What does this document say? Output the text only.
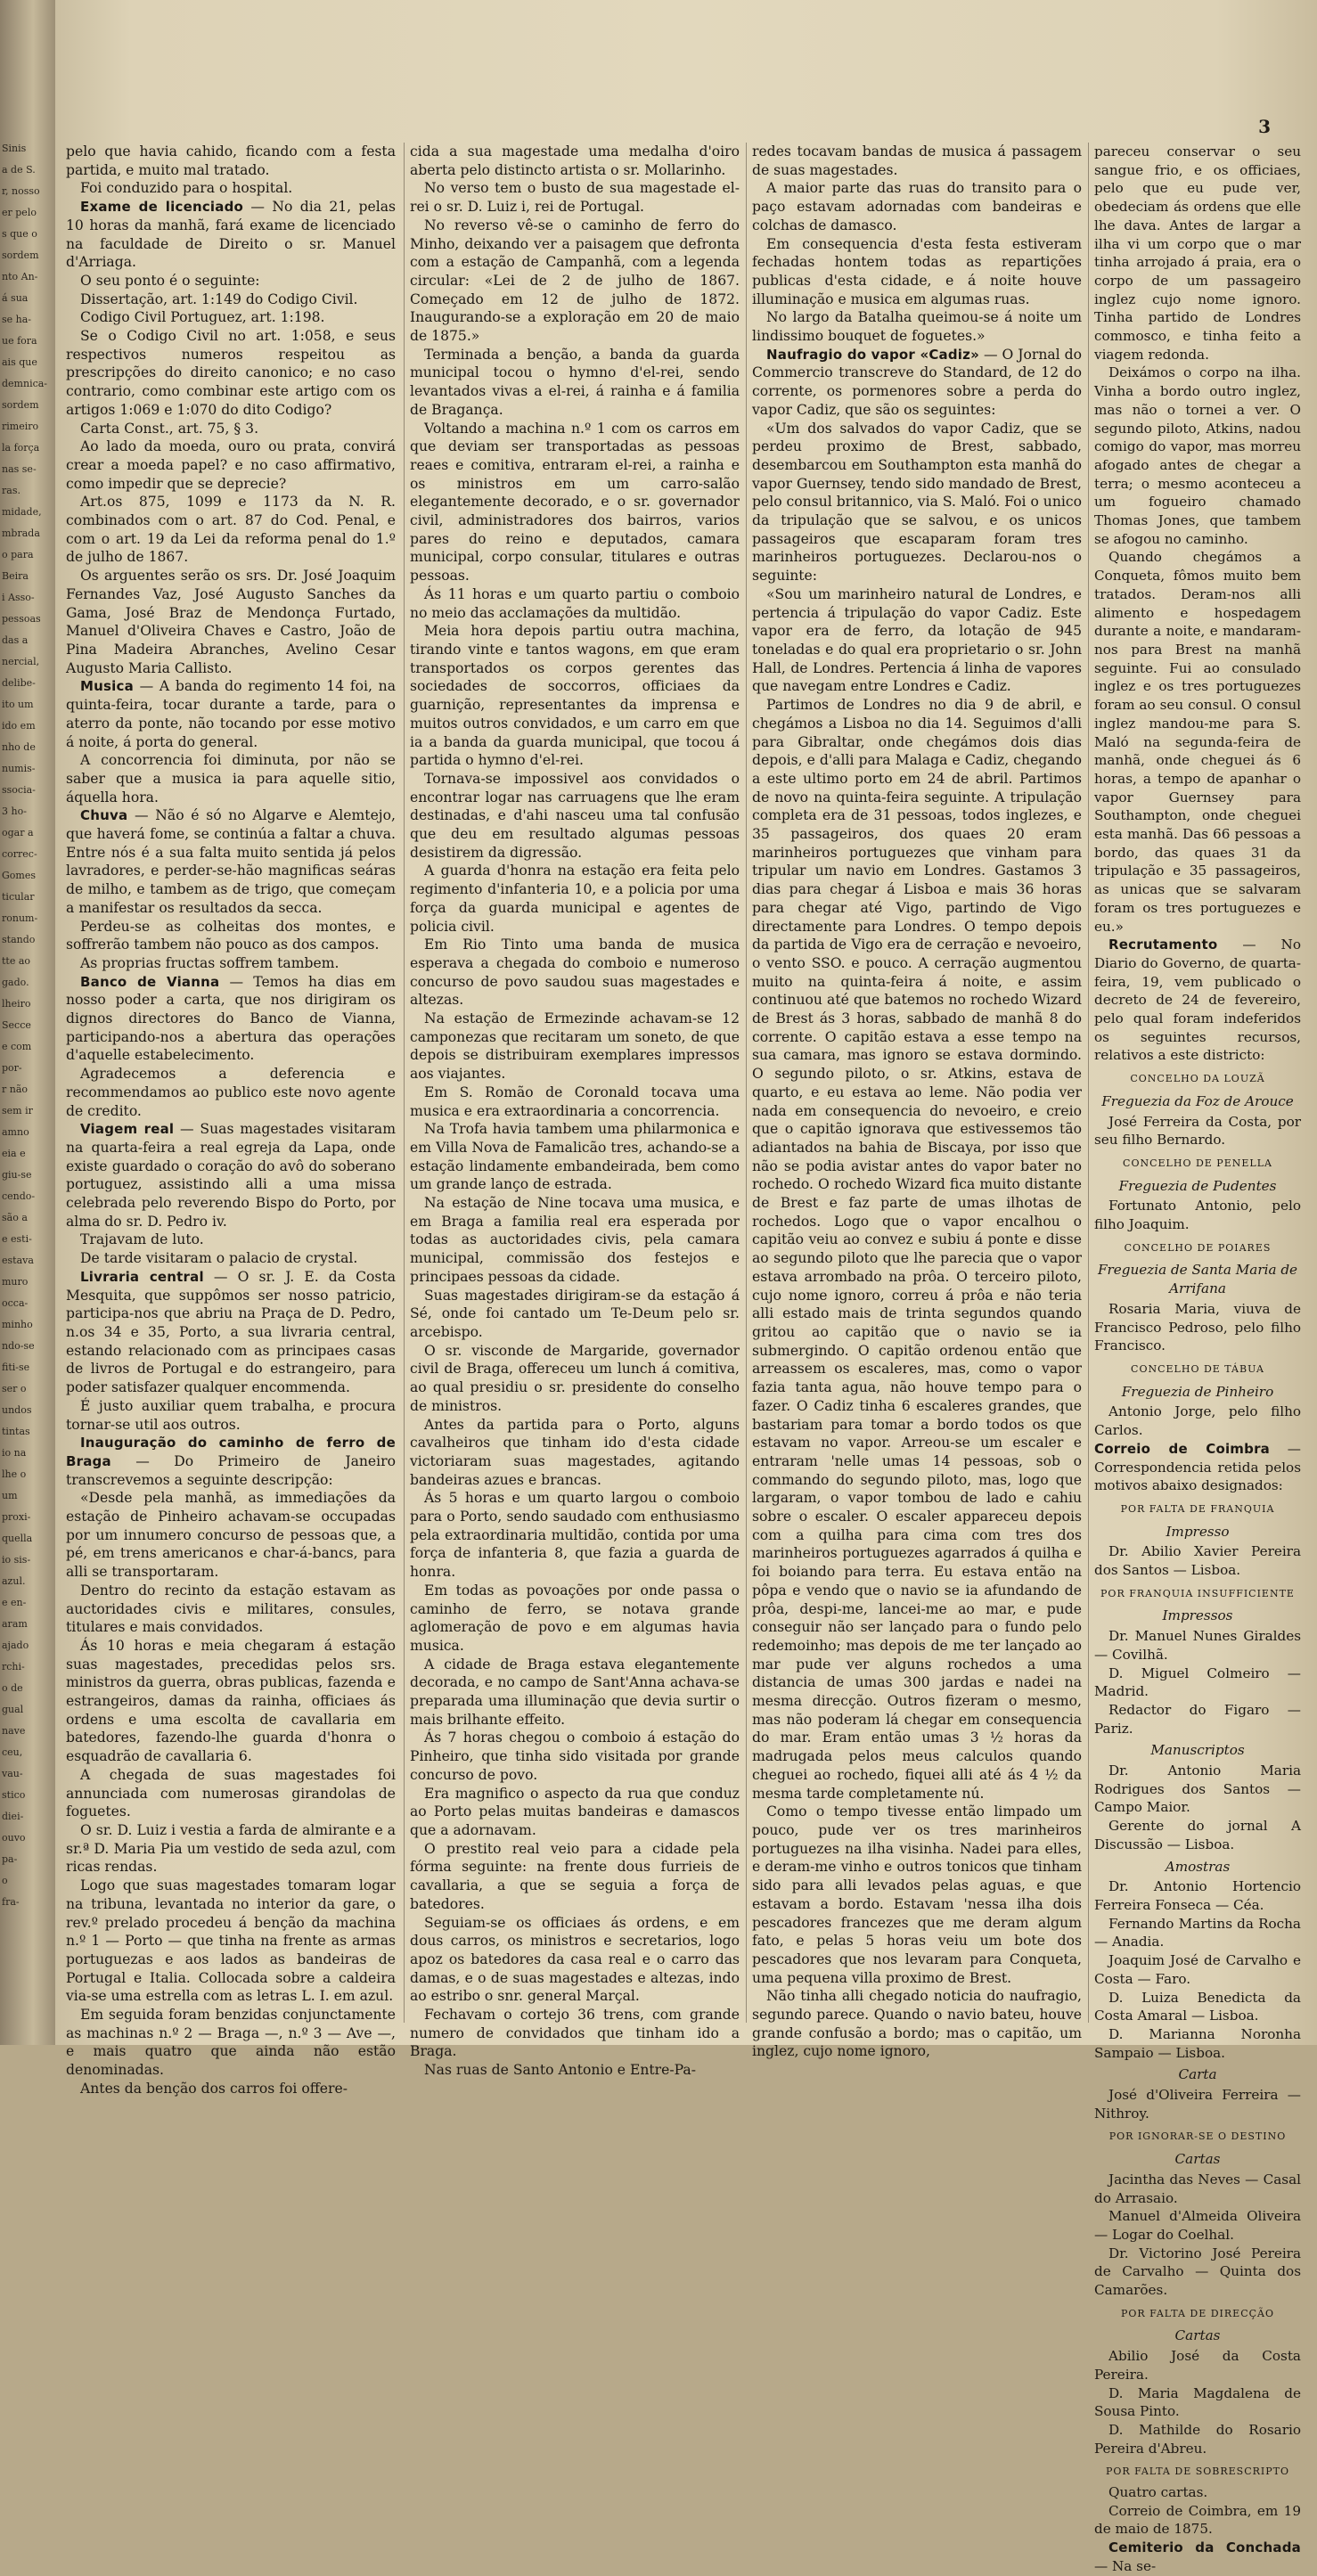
Sinis
a de S.
r, nosso
er pelo
s que o
sordem
nto An-
á sua
se ha-
ue fora
ais que
demnica-
sordem
rimeiro
la força
nas se-
ras.
midade,
mbrada
o para
Beira
i Asso-
pessoas
das a
nercial,
delibe-
ito um
ido em
nho de
numis-
ssocia-
3 ho-
ogar a
correc-
Gomes
ticular
ronum-
stando
tte ao
gado.
lheiro
Secce
e com
por-
r não
sem ir
amno
eia e
giu-se
cendo-
são a
e esti-
estava
muro
occa-
minho
ndo-se
fiti-se
ser o
undos
tintas
io na
lhe o
um
proxi-
quella
io sis-
azul.
e en-
aram
ajado
rchi-
o de
gual
nave
ceu,
vau-
stico
diei-
ouvo
pa-
o
fra-
3

pelo que havia cahido, ficando com a festa partida, e muito mal tratado.

Foi conduzido para o hospital.

Exame de licenciado — No dia 21, pelas 10 horas da manhã, fará exame de licenciado na faculdade de Direito o sr. Manuel d'Arriaga.

O seu ponto é o seguinte:

Dissertação, art. 1:149 do Codigo Civil.

Codigo Civil Portuguez, art. 1:198.

Se o Codigo Civil no art. 1:058, e seus respectivos numeros respeitou as prescripções do direito canonico; e no caso contrario, como combinar este artigo com os artigos 1:069 e 1:070 do dito Codigo?

Carta Const., art. 75, § 3.

Ao lado da moeda, ouro ou prata, convirá crear a moeda papel? e no caso affirmativo, como impedir que se deprecie?

Art.os 875, 1099 e 1173 da N. R. combinados com o art. 87 do Cod. Penal, e com o art. 19 da Lei da reforma penal do 1.º de julho de 1867.

Os arguentes serão os srs. Dr. José Joaquim Fernandes Vaz, José Augusto Sanches da Gama, José Braz de Mendonça Furtado, Manuel d'Oliveira Chaves e Castro, João de Pina Madeira Abranches, Avelino Cesar Augusto Maria Callisto.

Musica — A banda do regimento 14 foi, na quinta-feira, tocar durante a tarde, para o aterro da ponte, não tocando por esse motivo á noite, á porta do general.

A concorrencia foi diminuta, por não se saber que a musica ia para aquelle sitio, áquella hora.

Chuva — Não é só no Algarve e Alemtejo, que haverá fome, se continúa a faltar a chuva. Entre nós é a sua falta muito sentida já pelos lavradores, e perder-se-hão magnificas seáras de milho, e tambem as de trigo, que começam a manifestar os resultados da secca.

Perdeu-se as colheitas dos montes, e soffrerão tambem não pouco as dos campos.

As proprias fructas soffrem tambem.

Banco de Vianna — Temos ha dias em nosso poder a carta, que nos dirigiram os dignos directores do Banco de Vianna, participando-nos a abertura das operações d'aquelle estabelecimento.

Agradecemos a deferencia e recommendamos ao publico este novo agente de credito.

Viagem real — Suas magestades visitaram na quarta-feira a real egreja da Lapa, onde existe guardado o coração do avô do soberano portuguez, assistindo alli a uma missa celebrada pelo reverendo Bispo do Porto, por alma do sr. D. Pedro iv.

Trajavam de luto.

De tarde visitaram o palacio de crystal.

Livraria central — O sr. J. E. da Costa Mesquita, que suppômos ser nosso patricio, participa-nos que abriu na Praça de D. Pedro, n.os 34 e 35, Porto, a sua livraria central, estando relacionado com as principaes casas de livros de Portugal e do estrangeiro, para poder satisfazer qualquer encommenda.

É justo auxiliar quem trabalha, e procura tornar-se util aos outros.

Inauguração do caminho de ferro de Braga — Do Primeiro de Janeiro transcrevemos a seguinte descripção:

«Desde pela manhã, as immediações da estação de Pinheiro achavam-se occupadas por um innumero concurso de pessoas que, a pé, em trens americanos e char-á-bancs, para alli se transportaram.

Dentro do recinto da estação estavam as auctoridades civis e militares, consules, titulares e mais convidados.

Ás 10 horas e meia chegaram á estação suas magestades, precedidas pelos srs. ministros da guerra, obras publicas, fazenda e estrangeiros, damas da rainha, officiaes ás ordens e uma escolta de cavallaria em batedores, fazendo-lhe guarda d'honra o esquadrão de cavallaria 6.

A chegada de suas magestades foi annunciada com numerosas girandolas de foguetes.

O sr. D. Luiz i vestia a farda de almirante e a sr.ª D. Maria Pia um vestido de seda azul, com ricas rendas.

Logo que suas magestades tomaram logar na tribuna, levantada no interior da gare, o rev.º prelado procedeu á benção da machina n.º 1 — Porto — que tinha na frente as armas portuguezas e aos lados as bandeiras de Portugal e Italia. Collocada sobre a caldeira via-se uma estrella com as letras L. I. em azul.

Em seguida foram benzidas conjunctamente as machinas n.º 2 — Braga —, n.º 3 — Ave —, e mais quatro que ainda não estão denominadas.

Antes da benção dos carros foi offere-

cida a sua magestade uma medalha d'oiro aberta pelo distincto artista o sr. Mollarinho.

No verso tem o busto de sua magestade el-rei o sr. D. Luiz i, rei de Portugal.

No reverso vê-se o caminho de ferro do Minho, deixando ver a paisagem que defronta com a estação de Campanhã, com a legenda circular: «Lei de 2 de julho de 1867. Começado em 12 de julho de 1872. Inaugurando-se a exploração em 20 de maio de 1875.»

Terminada a benção, a banda da guarda municipal tocou o hymno d'el-rei, sendo levantados vivas a el-rei, á rainha e á familia de Bragança.

Voltando a machina n.º 1 com os carros em que deviam ser transportadas as pessoas reaes e comitiva, entraram el-rei, a rainha e os ministros em um carro-salão elegantemente decorado, e o sr. governador civil, administradores dos bairros, varios pares do reino e deputados, camara municipal, corpo consular, titulares e outras pessoas.

Ás 11 horas e um quarto partiu o comboio no meio das acclamações da multidão.

Meia hora depois partiu outra machina, tirando vinte e tantos wagons, em que eram transportados os corpos gerentes das sociedades de soccorros, officiaes da guarnição, representantes da imprensa e muitos outros convidados, e um carro em que ia a banda da guarda municipal, que tocou á partida o hymno d'el-rei.

Tornava-se impossivel aos convidados o encontrar logar nas carruagens que lhe eram destinadas, e d'ahi nasceu uma tal confusão que deu em resultado algumas pessoas desistirem da digressão.

A guarda d'honra na estação era feita pelo regimento d'infanteria 10, e a policia por uma força da guarda municipal e agentes de policia civil.

Em Rio Tinto uma banda de musica esperava a chegada do comboio e numeroso concurso de povo saudou suas magestades e altezas.

Na estação de Ermezinde achavam-se 12 camponezas que recitaram um soneto, de que depois se distribuiram exemplares impressos aos viajantes.

Em S. Romão de Coronald tocava uma musica e era extraordinaria a concorrencia.

Na Trofa havia tambem uma philarmonica e em Villa Nova de Famalicão tres, achando-se a estação lindamente embandeirada, bem como um grande lanço de estrada.

Na estação de Nine tocava uma musica, e em Braga a familia real era esperada por todas as auctoridades civis, pela camara municipal, commissão dos festejos e principaes pessoas da cidade.

Suas magestades dirigiram-se da estação á Sé, onde foi cantado um Te-Deum pelo sr. arcebispo.

O sr. visconde de Margaride, governador civil de Braga, offereceu um lunch á comitiva, ao qual presidiu o sr. presidente do conselho de ministros.

Antes da partida para o Porto, alguns cavalheiros que tinham ido d'esta cidade victoriaram suas magestades, agitando bandeiras azues e brancas.

Ás 5 horas e um quarto largou o comboio para o Porto, sendo saudado com enthusiasmo pela extraordinaria multidão, contida por uma força de infanteria 8, que fazia a guarda de honra.

Em todas as povoações por onde passa o caminho de ferro, se notava grande aglomeração de povo e em algumas havia musica.

A cidade de Braga estava elegantemente decorada, e no campo de Sant'Anna achava-se preparada uma illuminação que devia surtir o mais brilhante effeito.

Ás 7 horas chegou o comboio á estação do Pinheiro, que tinha sido visitada por grande concurso de povo.

Era magnifico o aspecto da rua que conduz ao Porto pelas muitas bandeiras e damascos que a adornavam.

O prestito real veio para a cidade pela fórma seguinte: na frente dous furrieis de cavallaria, a que se seguia a força de batedores.

Seguiam-se os officiaes ás ordens, e em dous carros, os ministros e secretarios, logo apoz os batedores da casa real e o carro das damas, e o de suas magestades e altezas, indo ao estribo o snr. general Marçal.

Fechavam o cortejo 36 trens, com grande numero de convidados que tinham ido a Braga.

Nas ruas de Santo Antonio e Entre-Pa-

redes tocavam bandas de musica á passagem de suas magestades.

A maior parte das ruas do transito para o paço estavam adornadas com bandeiras e colchas de damasco.

Em consequencia d'esta festa estiveram fechadas hontem todas as repartições publicas d'esta cidade, e á noite houve illuminação e musica em algumas ruas.

No largo da Batalha queimou-se á noite um lindissimo bouquet de foguetes.»

Naufragio do vapor «Cadiz» — O Jornal do Commercio transcreve do Standard, de 12 do corrente, os pormenores sobre a perda do vapor Cadiz, que são os seguintes:

«Um dos salvados do vapor Cadiz, que se perdeu proximo de Brest, sabbado, desembarcou em Southampton esta manhã do vapor Guernsey, tendo sido mandado de Brest, pelo consul britannico, via S. Maló. Foi o unico da tripulação que se salvou, e os unicos passageiros que escaparam foram tres marinheiros portuguezes. Declarou-nos o seguinte:

«Sou um marinheiro natural de Londres, e pertencia á tripulação do vapor Cadiz. Este vapor era de ferro, da lotação de 945 toneladas e do qual era proprietario o sr. John Hall, de Londres. Pertencia á linha de vapores que navegam entre Londres e Cadiz.

Partimos de Londres no dia 9 de abril, e chegámos a Lisboa no dia 14. Seguimos d'alli para Gibraltar, onde chegámos dois dias depois, e d'alli para Malaga e Cadiz, chegando a este ultimo porto em 24 de abril. Partimos de novo na quinta-feira seguinte. A tripulação completa era de 31 pessoas, todos inglezes, e 35 passageiros, dos quaes 20 eram marinheiros portuguezes que vinham para tripular um navio em Londres. Gastamos 3 dias para chegar á Lisboa e mais 36 horas para chegar até Vigo, partindo de Vigo directamente para Londres. O tempo depois da partida de Vigo era de cerração e nevoeiro, o vento SSO. e pouco. A cerração augmentou muito na quinta-feira á noite, e assim continuou até que batemos no rochedo Wizard de Brest ás 3 horas, sabbado de manhã 8 do corrente. O capitão estava a esse tempo na sua camara, mas ignoro se estava dormindo. O segundo piloto, o sr. Atkins, estava de quarto, e eu estava ao leme. Não podia ver nada em consequencia do nevoeiro, e creio que o capitão ignorava que estivessemos tão adiantados na bahia de Biscaya, por isso que não se podia avistar antes do vapor bater no rochedo. O rochedo Wizard fica muito distante de Brest e faz parte de umas ilhotas de rochedos. Logo que o vapor encalhou o capitão veiu ao convez e subiu á ponte e disse ao segundo piloto que lhe parecia que o vapor estava arrombado na prôa. O terceiro piloto, cujo nome ignoro, correu á prôa e não teria alli estado mais de trinta segundos quando gritou ao capitão que o navio se ia submergindo. O capitão ordenou então que arreassem os escaleres, mas, como o vapor fazia tanta agua, não houve tempo para o fazer. O Cadiz tinha 6 escaleres grandes, que bastariam para tomar a bordo todos os que estavam no vapor. Arreou-se um escaler e entraram 'nelle umas 14 pessoas, sob o commando do segundo piloto, mas, logo que largaram, o vapor tombou de lado e cahiu sobre o escaler. O escaler appareceu depois com a quilha para cima com tres dos marinheiros portuguezes agarrados á quilha e foi boiando para terra. Eu estava então na pôpa e vendo que o navio se ia afundando de prôa, despi-me, lancei-me ao mar, e pude conseguir não ser lançado para o fundo pelo redemoinho; mas depois de me ter lançado ao mar pude ver alguns rochedos a uma distancia de umas 300 jardas e nadei na mesma direcção. Outros fizeram o mesmo, mas não poderam lá chegar em consequencia do mar. Eram então umas 3 ½ horas da madrugada pelos meus calculos quando cheguei ao rochedo, fiquei alli até ás 4 ½ da mesma tarde completamente nú.

Como o tempo tivesse então limpado um pouco, pude ver os tres marinheiros portuguezes na ilha visinha. Nadei para elles, e deram-me vinho e outros tonicos que tinham sido para alli levados pelas aguas, e que estavam a bordo. Estavam 'nessa ilha dois pescadores francezes que me deram algum fato, e pelas 5 horas veiu um bote dos pescadores que nos levaram para Conqueta, uma pequena villa proximo de Brest.

Não tinha alli chegado noticia do naufragio, segundo parece. Quando o navio bateu, houve grande confusão a bordo; mas o capitão, um inglez, cujo nome ignoro,

pareceu conservar o seu sangue frio, e os officiaes, pelo que eu pude ver, obedeciam ás ordens que elle lhe dava. Antes de largar a ilha vi um corpo que o mar tinha arrojado á praia, era o corpo de um passageiro inglez cujo nome ignoro. Tinha partido de Londres commosco, e tinha feito a viagem redonda.

Deixámos o corpo na ilha. Vinha a bordo outro inglez, mas não o tornei a ver. O segundo piloto, Atkins, nadou comigo do vapor, mas morreu afogado antes de chegar a terra; o mesmo aconteceu a um fogueiro chamado Thomas Jones, que tambem se afogou no caminho.

Quando chegámos a Conqueta, fômos muito bem tratados. Deram-nos alli alimento e hospedagem durante a noite, e mandaram-nos para Brest na manhã seguinte. Fui ao consulado inglez e os tres portuguezes foram ao seu consul. O consul inglez mandou-me para S. Maló na segunda-feira de manhã, onde cheguei ás 6 horas, a tempo de apanhar o vapor Guernsey para Southampton, onde cheguei esta manhã. Das 66 pessoas a bordo, das quaes 31 da tripulação e 35 passageiros, as unicas que se salvaram foram os tres portuguezes e eu.»

Recrutamento — No Diario do Governo, de quarta-feira, 19, vem publicado o decreto de 24 de fevereiro, pelo qual foram indeferidos os seguintes recursos, relativos a este districto:

CONCELHO DA LOUZÃ
Freguezia da Foz de Arouce

José Ferreira da Costa, por seu filho Bernardo.

CONCELHO DE PENELLA
Freguezia de Pudentes

Fortunato Antonio, pelo filho Joaquim.

CONCELHO DE POIARES
Freguezia de Santa Maria de Arrifana

Rosaria Maria, viuva de Francisco Pedroso, pelo filho Francisco.

CONCELHO DE TÁBUA
Freguezia de Pinheiro

Antonio Jorge, pelo filho Carlos.

Correio de Coimbra — Correspondencia retida pelos motivos abaixo designados:

POR FALTA DE FRANQUIA
Impresso

Dr. Abilio Xavier Pereira dos Santos — Lisboa.

POR FRANQUIA INSUFFICIENTE
Impressos

Dr. Manuel Nunes Giraldes — Covilhã.

D. Miguel Colmeiro — Madrid.

Redactor do Figaro — Pariz.

Manuscriptos

Dr. Antonio Maria Rodrigues dos Santos — Campo Maior.

Gerente do jornal A Discussão — Lisboa.

Amostras

Dr. Antonio Hortencio Ferreira Fonseca — Céa.

Fernando Martins da Rocha — Anadia.

Joaquim José de Carvalho e Costa — Faro.

D. Luiza Benedicta da Costa Amaral — Lisboa.

D. Marianna Noronha Sampaio — Lisboa.

Carta

José d'Oliveira Ferreira — Nithroy.

POR IGNORAR-SE O DESTINO
Cartas

Jacintha das Neves — Casal do Arrasaio.

Manuel d'Almeida Oliveira — Logar do Coelhal.

Dr. Victorino José Pereira de Carvalho — Quinta dos Camarões.

POR FALTA DE DIRECÇÃO
Cartas

Abilio José da Costa Pereira.

D. Maria Magdalena de Sousa Pinto.

D. Mathilde do Rosario Pereira d'Abreu.

POR FALTA DE SOBRESCRIPTO

Quatro cartas.

Correio de Coimbra, em 19 de maio de 1875.

Cemiterio da Conchada — Na se-
